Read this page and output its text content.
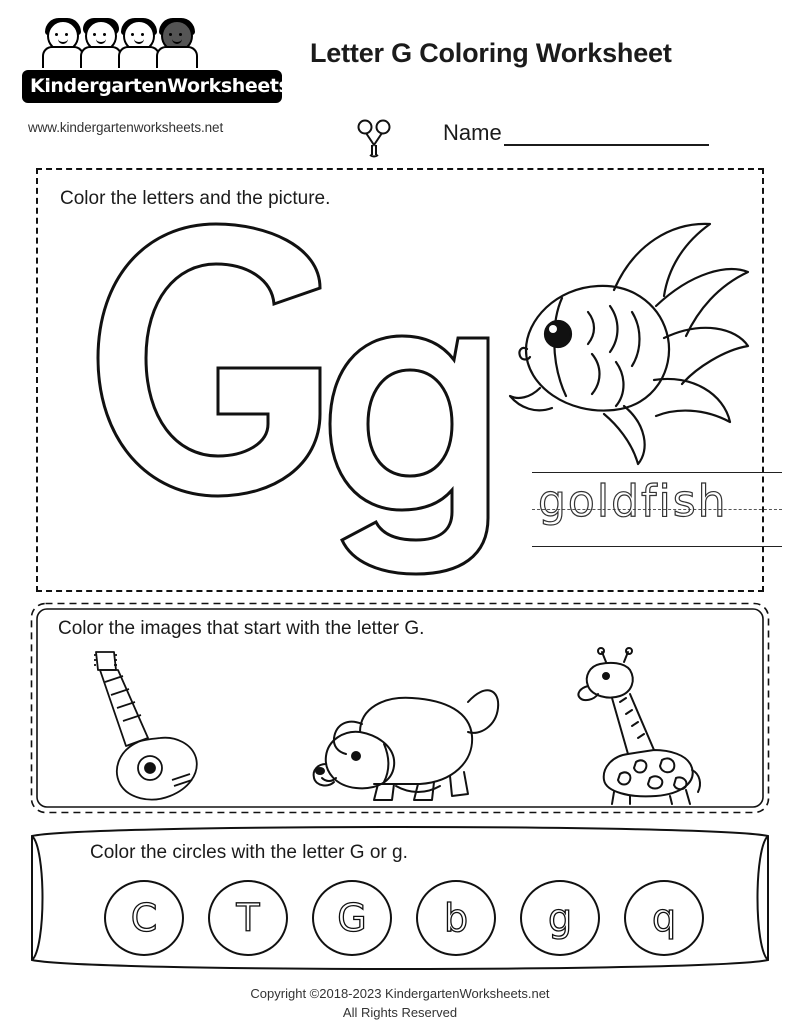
KindergartenWorksheets.net
www.kindergartenworksheets.net
Letter G Coloring Worksheet
Name
Color the letters and the picture.
goldfish
Color the images that start with the letter G.
Color the circles with the letter G or g.
C	T	G	b	g	q
Copyright ©2018-2023 KindergartenWorksheets.net
All Rights Reserved
